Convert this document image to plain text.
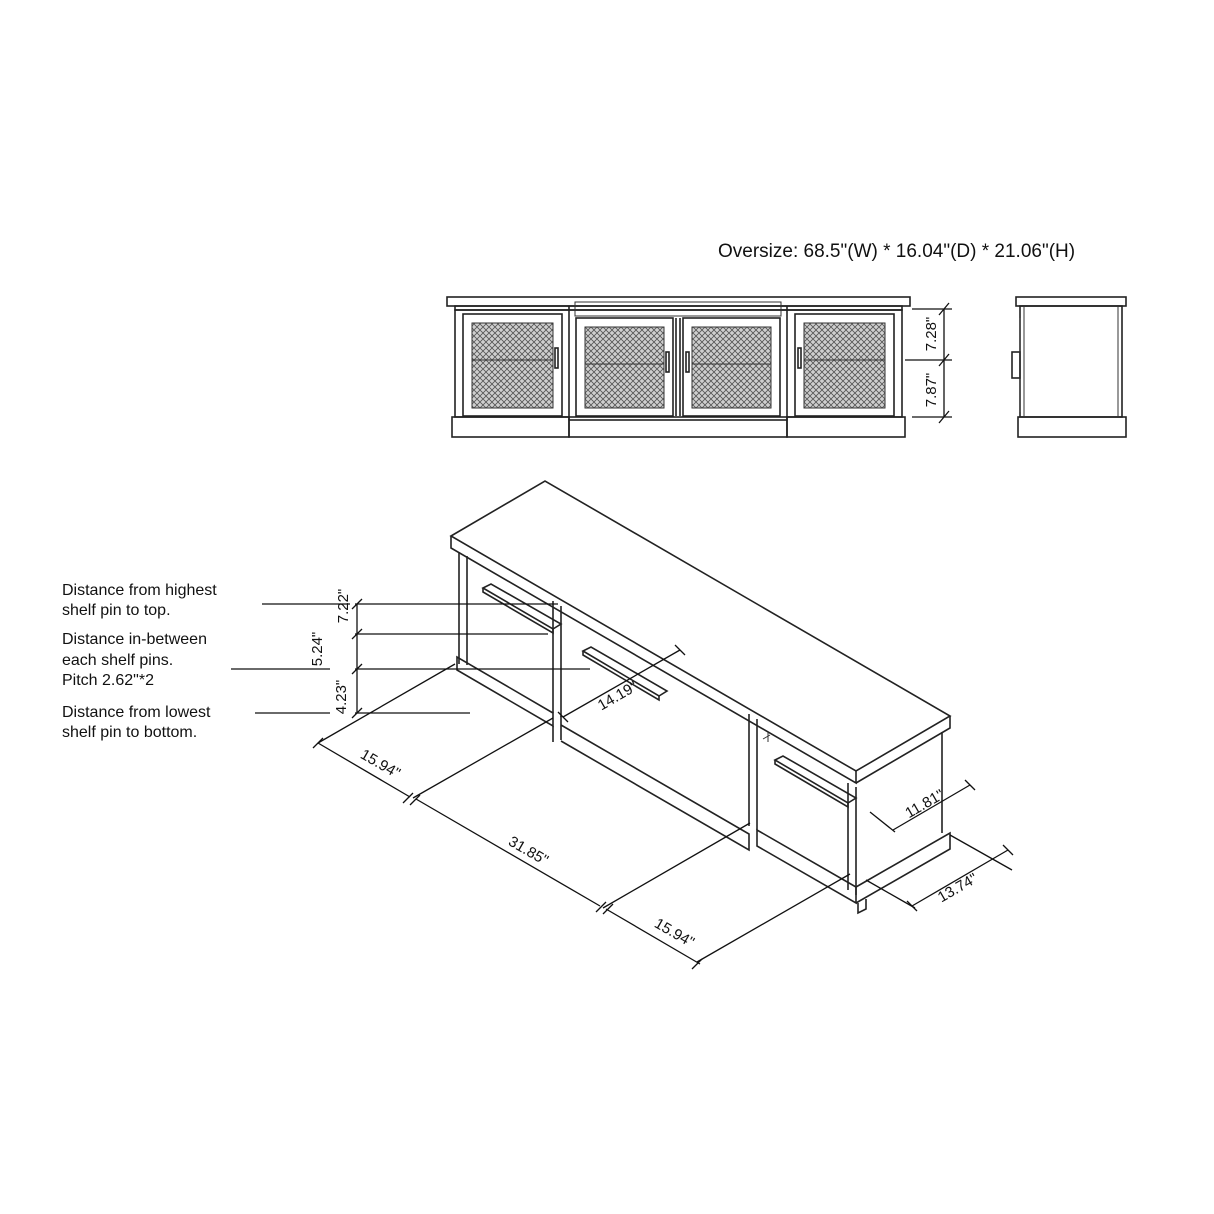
Oversize: 68.5"(W) * 16.04"(D) * 21.06"(H)
7.28"
7.87"
7.22"
5.24"
4.23"
Distance from highest
shelf pin to top.
Distance in-between
each shelf pins.
Pitch 2.62"*2
Distance from lowest
shelf pin to bottom.
14.19"
15.94"
31.85"
15.94"
11.81"
13.74"
